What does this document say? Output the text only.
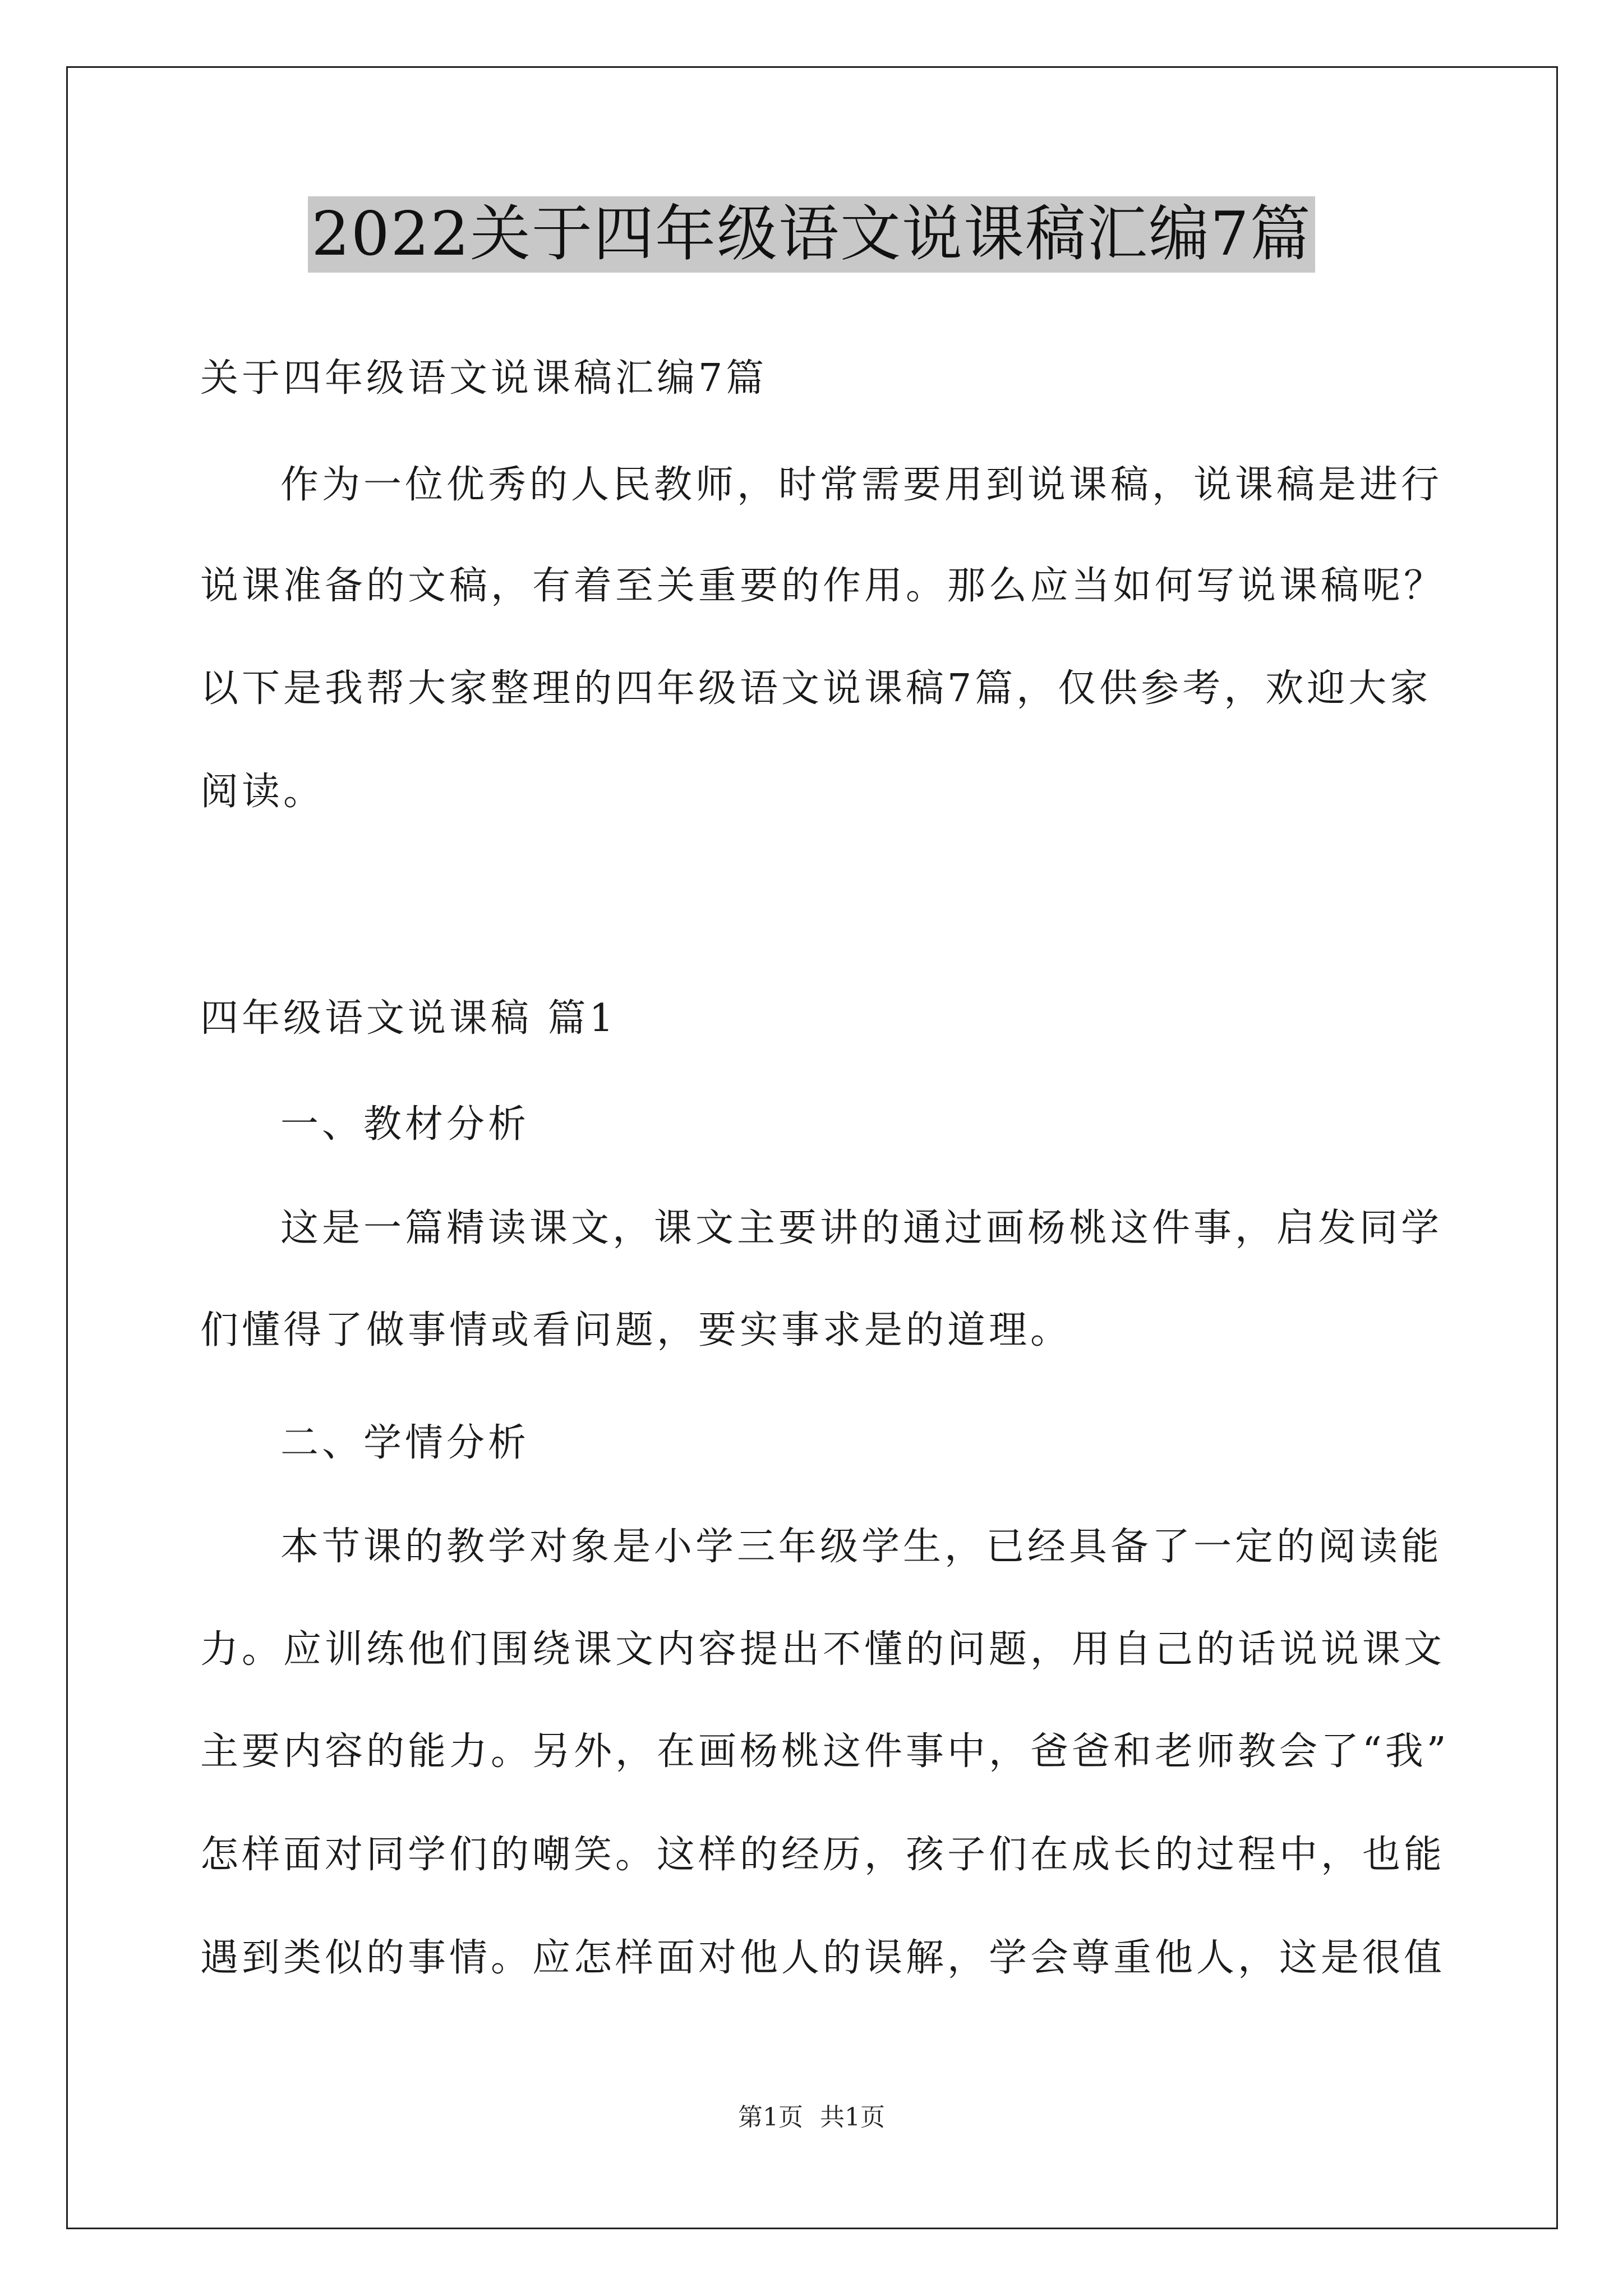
2022关于四年级语文说课稿汇编7篇
关于四年级语文说课稿汇编7篇
作为一位优秀的人民教师，时常需要用到说课稿，说课稿是进行
说课准备的文稿，有着至关重要的作用。那么应当如何写说课稿呢？
以下是我帮大家整理的四年级语文说课稿7篇，仅供参考，欢迎大家
阅读。
四年级语文说课稿 篇1
一、教材分析
这是一篇精读课文，课文主要讲的通过画杨桃这件事，启发同学
们懂得了做事情或看问题，要实事求是的道理。
二、学情分析
本节课的教学对象是小学三年级学生，已经具备了一定的阅读能
力。应训练他们围绕课文内容提出不懂的问题，用自己的话说说课文
主要内容的能力。另外，在画杨桃这件事中，爸爸和老师教会了“我”
怎样面对同学们的嘲笑。这样的经历，孩子们在成长的过程中，也能
遇到类似的事情。应怎样面对他人的误解，学会尊重他人，这是很值
第1页 共1页
